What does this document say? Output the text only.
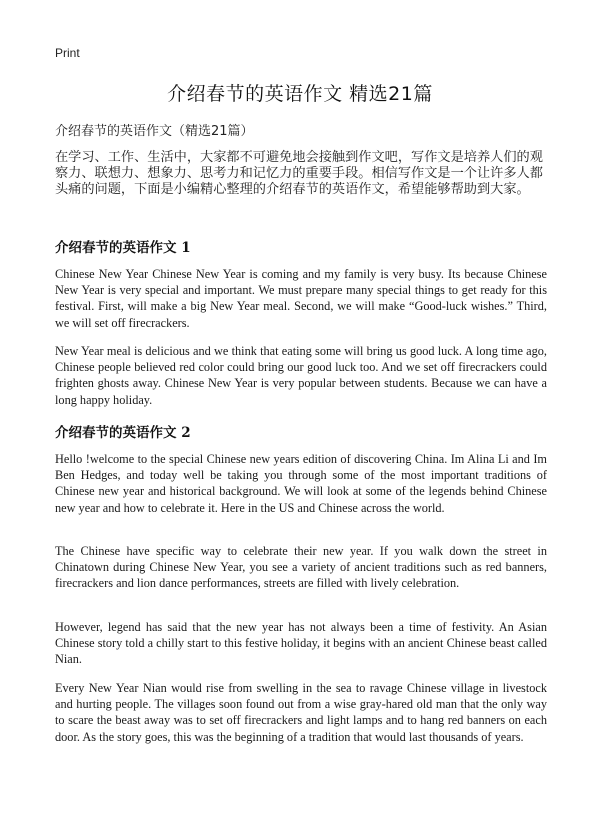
Print
介绍春节的英语作文 精选21篇
介绍春节的英语作文（精选21篇）
在学习、工作、生活中，大家都不可避免地会接触到作文吧，写作文是培养人们的观察力、联想力、想象力、思考力和记忆力的重要手段。相信写作文是一个让许多人都头痛的问题，下面是小编精心整理的介绍春节的英语作文，希望能够帮助到大家。
介绍春节的英语作文 1
Chinese New Year Chinese New Year is coming and my family is very busy. Its because Chinese New Year is very special and important. We must prepare many special things to get ready for this festival. First, will make a big New Year meal. Second, we will make “Good-luck wishes.” Third, we will set off firecrackers.
New Year meal is delicious and we think that eating some will bring us good luck. A long time ago, Chinese people believed red color could bring our good luck too. And we set off firecrackers could frighten ghosts away. Chinese New Year is very popular between students. Because we can have a long happy holiday.
介绍春节的英语作文 2
Hello !welcome to the special Chinese new years edition of discovering China. Im Alina Li and Im Ben Hedges, and today well be taking you through some of the most important traditions of Chinese new year and historical background. We will look at some of the legends behind Chinese new year and how to celebrate it. Here in the US and Chinese across the world.
The Chinese have specific way to celebrate their new year. If you walk down the street in Chinatown during Chinese New Year, you see a variety of ancient traditions such as red banners, firecrackers and lion dance performances, streets are filled with lively celebration.
However, legend has said that the new year has not always been a time of festivity. An Asian Chinese story told a chilly start to this festive holiday, it begins with an ancient Chinese beast called Nian.
Every New Year Nian would rise from swelling in the sea to ravage Chinese village in livestock and hurting people. The villages soon found out from a wise gray-hared old man that the only way to scare the beast away was to set off firecrackers and light lamps and to hang red banners on each door. As the story goes, this was the beginning of a tradition that would last thousands of years.
